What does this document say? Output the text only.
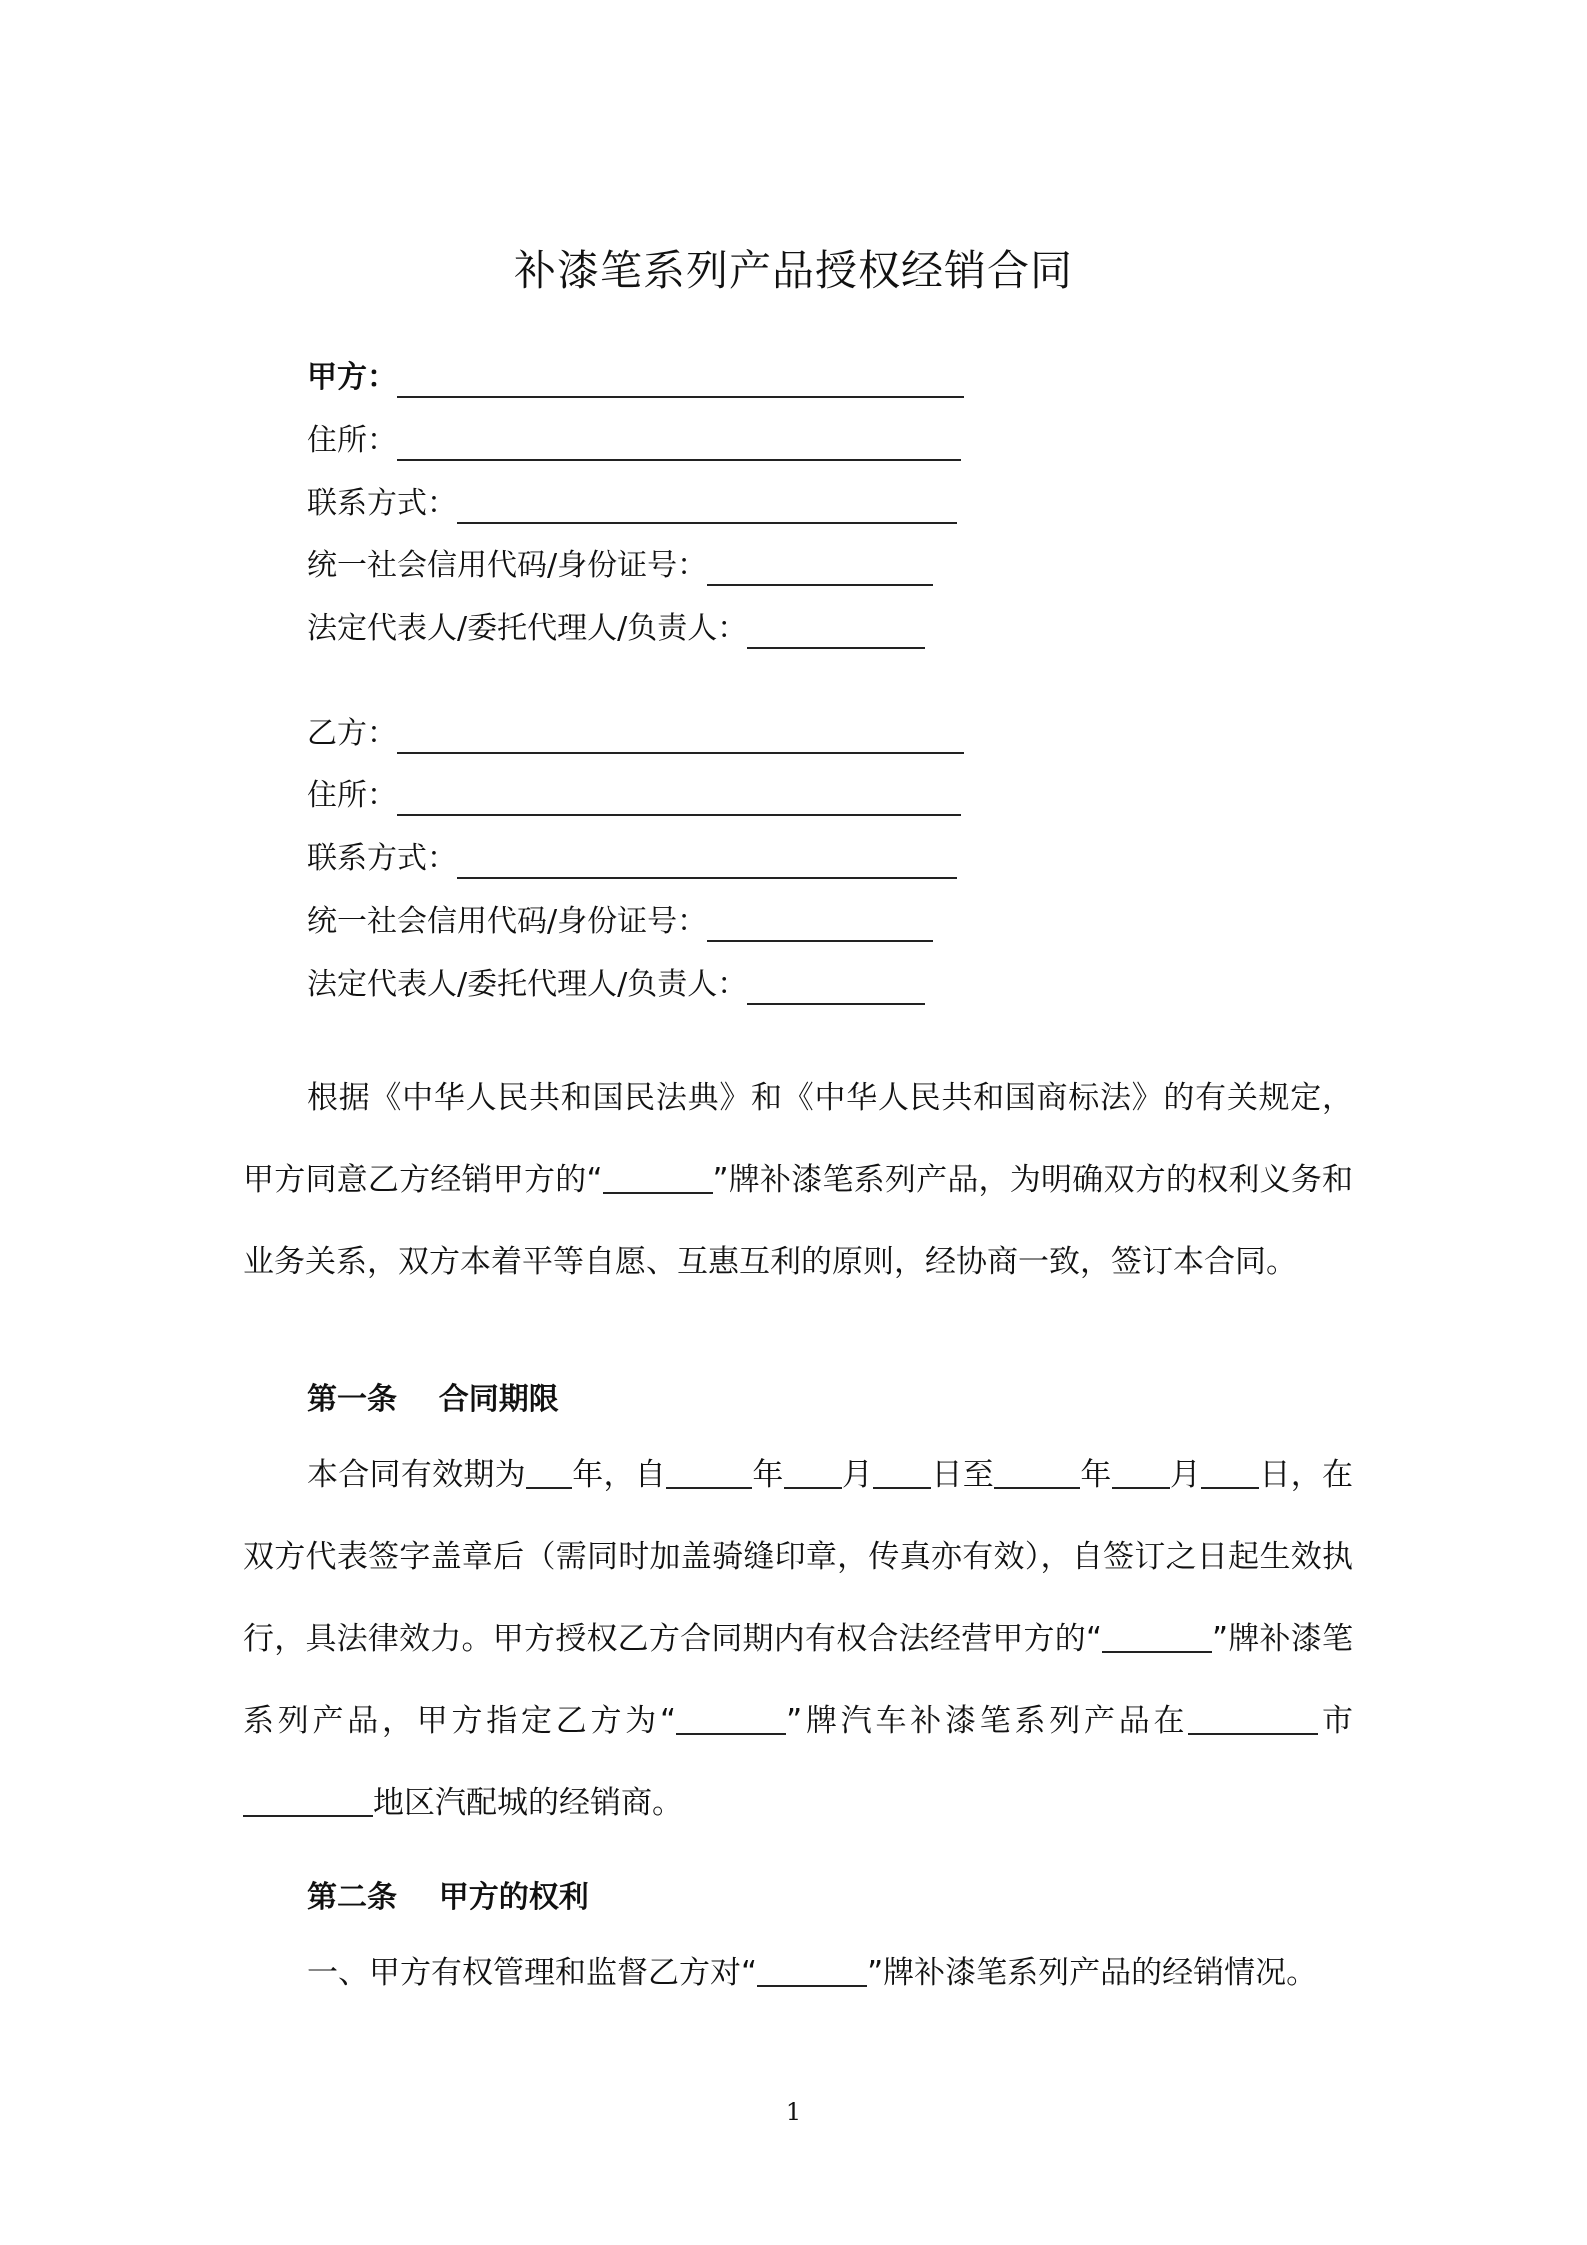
补漆笔系列产品授权经销合同
甲方：
住所：
联系方式：
统一社会信用代码/身份证号：
法定代表人/委托代理人/负责人：
乙方：
住所：
联系方式：
统一社会信用代码/身份证号：
法定代表人/委托代理人/负责人：
根据《中华人民共和国民法典》和《中华人民共和国商标法》的有关规定，甲方同意乙方经销甲方的“	”牌补漆笔系列产品，为明确双方的权利义务和业务关系，双方本着平等自愿、互惠互利的原则，经协商一致，签订本合同。
第一条    合同期限
本合同有效期为 年，自	年 月 日至	年 月 日，在双方代表签字盖章后（需同时加盖骑缝印章，传真亦有效），自签订之日起生效执行，具法律效力。甲方授权乙方合同期内有权合法经营甲方的“	”牌补漆笔系列产品，甲方指定乙方为“	”牌汽车补漆笔系列产品在	市地区汽配城的经销商。
第二条    甲方的权利
一、甲方有权管理和监督乙方对“	”牌补漆笔系列产品的经销情况。
1
